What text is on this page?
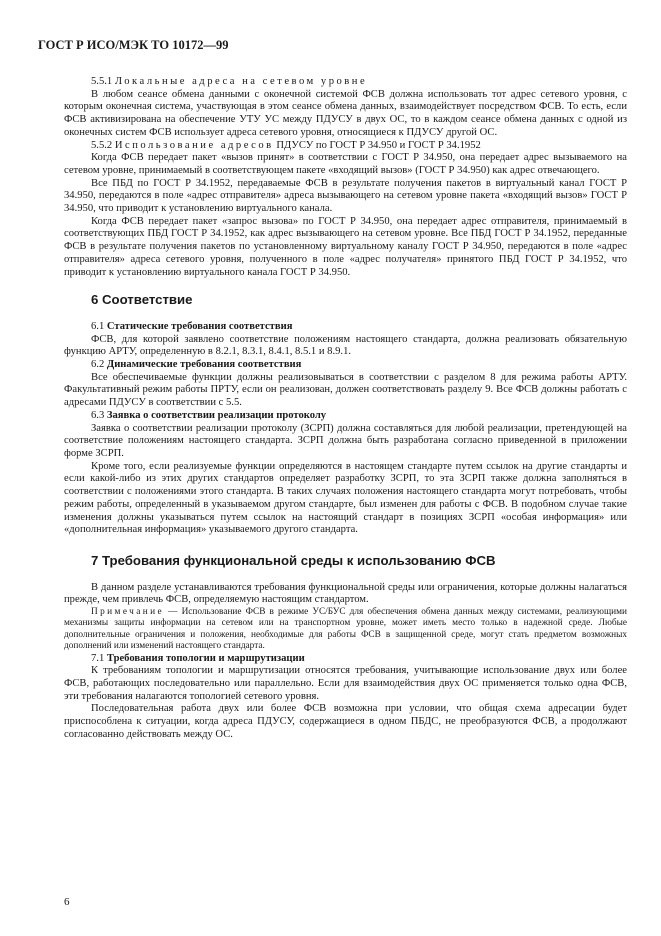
ГОСТ Р ИСО/МЭК ТО 10172—99

5.5.1 Локальные адреса на сетевом уровне

В любом сеансе обмена данными с оконечной системой ФСВ должна использовать тот адрес сетевого уровня, с которым оконечная система, участвующая в этом сеансе обмена данных, взаимодействует посредством ФСВ. То есть, если ФСВ активизирована на обеспечение УТУ УС между ПДУСУ в двух ОС, то в каждом сеансе обмена данных с одной из оконечных систем ФСВ использует адреса сетевого уровня, относящиеся к ПДУСУ другой ОС.

5.5.2 Использование адресов ПДУСУ по ГОСТ Р 34.950 и ГОСТ Р 34.1952

Когда ФСВ передает пакет «вызов принят» в соответствии с ГОСТ Р 34.950, она передает адрес вызываемого на сетевом уровне, принимаемый в соответствующем пакете «входящий вызов» (ГОСТ Р 34.950) как адрес отвечающего.

Все ПБД по ГОСТ Р 34.1952, передаваемые ФСВ в результате получения пакетов в виртуальный канал ГОСТ Р 34.950, передаются в поле «адрес отправителя» адреса вызывающего на сетевом уровне пакета «входящий вызов» ГОСТ Р 34.950, что приводит к установлению виртуального канала.

Когда ФСВ передает пакет «запрос вызова» по ГОСТ Р 34.950, она передает адрес отправителя, принимаемый в соответствующих ПБД ГОСТ Р 34.1952, как адрес вызывающего на сетевом уровне. Все ПБД ГОСТ Р 34.1952, переданные ФСВ в результате получения пакетов по установленному виртуальному каналу ГОСТ Р 34.950, передаются в поле «адрес отправителя» адреса сетевого уровня, полученного в поле «адрес получателя» принятого ПБД ГОСТ Р 34.1952, что приводит к установлению виртуального канала ГОСТ Р 34.950.

6 Соответствие

6.1 Статические требования соответствия

ФСВ, для которой заявлено соответствие положениям настоящего стандарта, должна реализовать обязательную функцию АРТУ, определенную в 8.2.1, 8.3.1, 8.4.1, 8.5.1 и 8.9.1.

6.2 Динамические требования соответствия

Все обеспечиваемые функции должны реализовываться в соответствии с разделом 8 для режима работы АРТУ. Факультативный режим работы ПРТУ, если он реализован, должен соответствовать разделу 9. Все ФСВ должны работать с адресами ПДУСУ в соответствии с 5.5.

6.3 Заявка о соответствии реализации протоколу

Заявка о соответствии реализации протоколу (ЗСРП) должна составляться для любой реализации, претендующей на соответствие положениям настоящего стандарта. ЗСРП должна быть разработана согласно приведенной в приложении форме ЗСРП.

Кроме того, если реализуемые функции определяются в настоящем стандарте путем ссылок на другие стандарты и если какой-либо из этих других стандартов определяет разработку ЗСРП, то эта ЗСРП также должна заполняться в соответствии с положениями этого стандарта. В таких случаях положения настоящего стандарта могут потребовать, чтобы режим работы, определенный в указываемом другом стандарте, был изменен для работы с ФСВ. В подобном случае такие изменения должны указываться путем ссылок на настоящий стандарт в позициях ЗСРП «особая информация» или «дополнительная информация» указываемого другого стандарта.

7 Требования функциональной среды к использованию ФСВ

В данном разделе устанавливаются требования функциональной среды или ограничения, которые должны налагаться прежде, чем привлечь ФСВ, определяемую настоящим стандартом.

Примечание — Использование ФСВ в режиме УС/БУС для обеспечения обмена данных между системами, реализующими механизмы защиты информации на сетевом или на транспортном уровне, может иметь место только в надежной среде. Любые дополнительные ограничения и положения, необходимые для работы ФСВ в защищенной среде, могут стать предметом возможных дополнений или изменений настоящего стандарта.

7.1 Требования топологии и маршрутизации

К требованиям топологии и маршрутизации относятся требования, учитывающие использование двух или более ФСВ, работающих последовательно или параллельно. Если для взаимодействия двух ОС применяется только одна ФСВ, эти требования налагаются топологией сетевого уровня.

Последовательная работа двух или более ФСВ возможна при условии, что общая схема адресации будет приспособлена к ситуации, когда адреса ПДУСУ, содержащиеся в одном ПБДС, не преобразуются ФСВ, а продолжают согласованно действовать между ОС.

6
